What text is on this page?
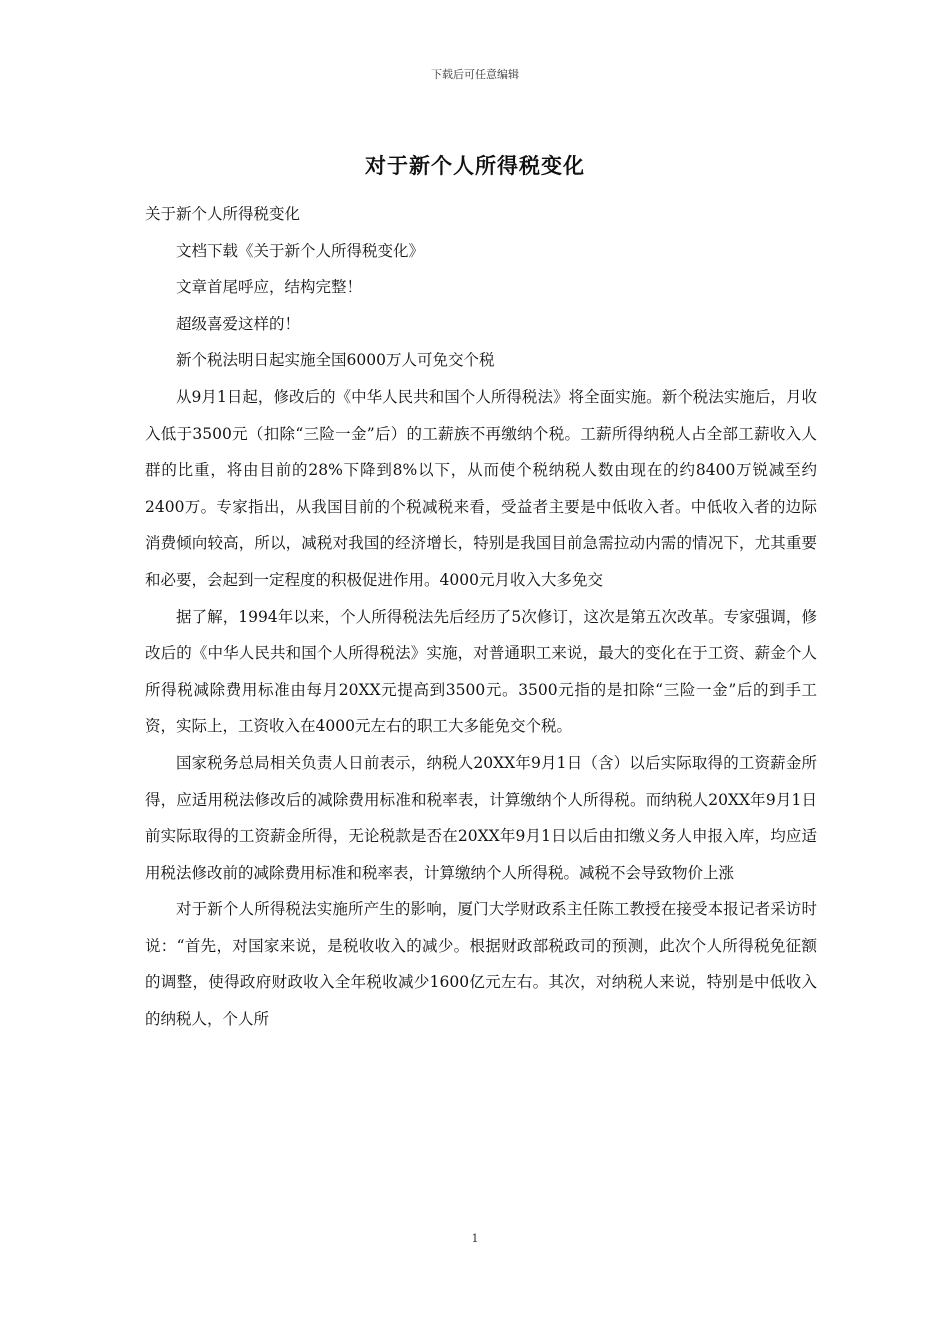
下载后可任意编辑
对于新个人所得税变化

关于新个人所得税变化

文档下载《关于新个人所得税变化》

文章首尾呼应，结构完整！

超级喜爱这样的！

新个税法明日起实施全国6000万人可免交个税

从9月1日起，修改后的《中华人民共和国个人所得税法》将全面实施。新个税法实施后，月收入低于3500元（扣除“三险一金”后）的工薪族不再缴纳个税。工薪所得纳税人占全部工薪收入人群的比重，将由目前的28%下降到8%以下，从而使个税纳税人数由现在的约8400万锐减至约2400万。专家指出，从我国目前的个税减税来看，受益者主要是中低收入者。中低收入者的边际消费倾向较高，所以，减税对我国的经济增长，特别是我国目前急需拉动内需的情况下，尤其重要和必要，会起到一定程度的积极促进作用。4000元月收入大多免交

据了解，1994年以来，个人所得税法先后经历了5次修订，这次是第五次改革。专家强调，修改后的《中华人民共和国个人所得税法》实施，对普通职工来说，最大的变化在于工资、薪金个人所得税减除费用标准由每月20XX元提高到3500元。3500元指的是扣除“三险一金”后的到手工资，实际上，工资收入在4000元左右的职工大多能免交个税。

国家税务总局相关负责人日前表示，纳税人20XX年9月1日（含）以后实际取得的工资薪金所得，应适用税法修改后的减除费用标准和税率表，计算缴纳个人所得税。而纳税人20XX年9月1日前实际取得的工资薪金所得，无论税款是否在20XX年9月1日以后由扣缴义务人申报入库，均应适用税法修改前的减除费用标准和税率表，计算缴纳个人所得税。减税不会导致物价上涨

对于新个人所得税法实施所产生的影响，厦门大学财政系主任陈工教授在接受本报记者采访时说：“首先，对国家来说，是税收收入的减少。根据财政部税政司的预测，此次个人所得税免征额的调整，使得政府财政收入全年税收减少1600亿元左右。其次，对纳税人来说，特别是中低收入的纳税人，个人所

1
